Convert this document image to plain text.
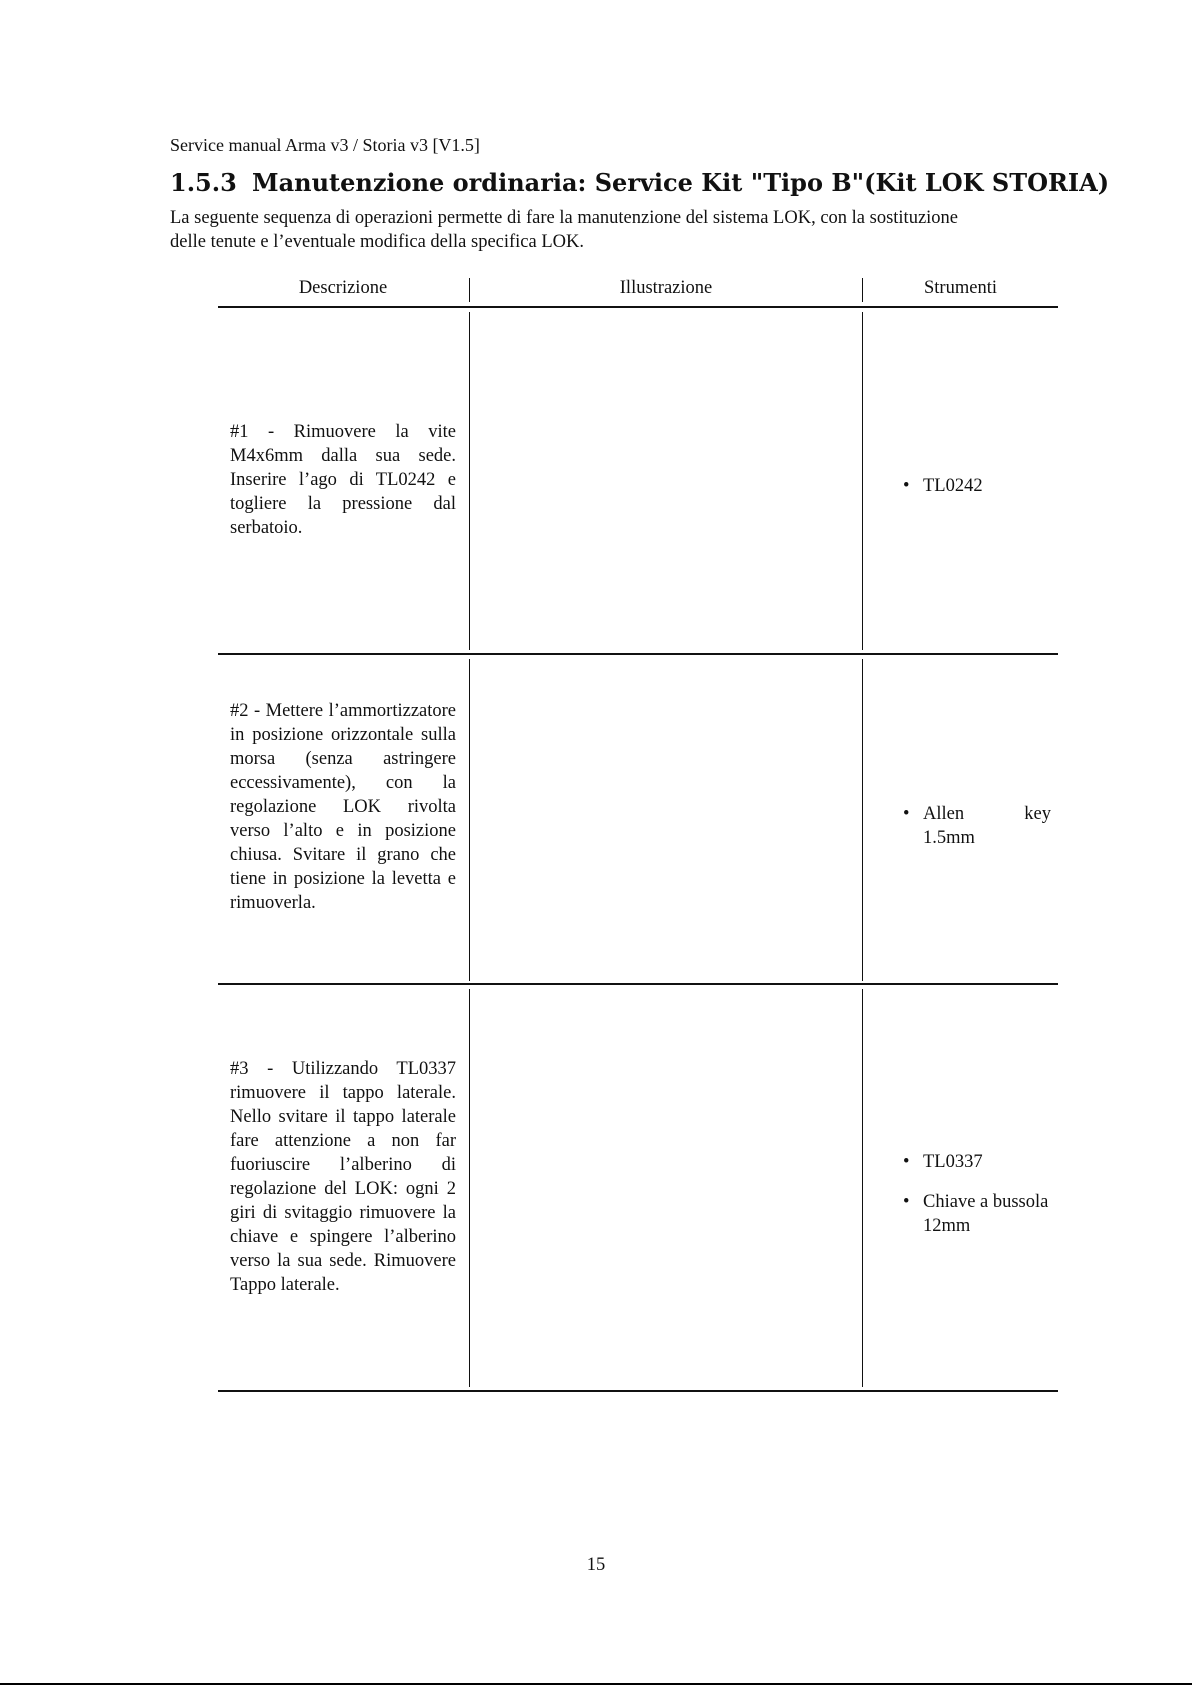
Service manual Arma v3 / Storia v3 [V1.5]
1.5.3 Manutenzione ordinaria: Service Kit "Tipo B"(Kit LOK STORIA)
La seguente sequenza di operazioni permette di fare la manutenzione del sistema LOK, con la sostituzione
delle tenute e l’eventuale modifica della specifica LOK.
Descrizione	Illustrazione	Strumenti
#1 - Rimuovere la vite M4x6mm dalla sua sede. Inserire l’ago di TL0242 e togliere la pressione dal serbatoio.
• TL0242
#2 - Mettere l’ammortizzatore in posizione orizzontale sulla morsa (senza astringere eccessivamente), con la regolazione LOK rivolta verso l’alto e in posizione chiusa. Svitare il grano che tiene in posizione la levetta e rimuoverla.
• Allen key 1.5mm
#3 - Utilizzando TL0337 rimuovere il tappo laterale. Nello svitare il tappo laterale fare attenzione a non far fuoriuscire l’alberino di regolazione del LOK: ogni 2 giri di svitaggio rimuovere la chiave e spingere l’alberino verso la sua sede. Rimuovere Tappo laterale.
• TL0337
• Chiave a bussola 12mm
15
